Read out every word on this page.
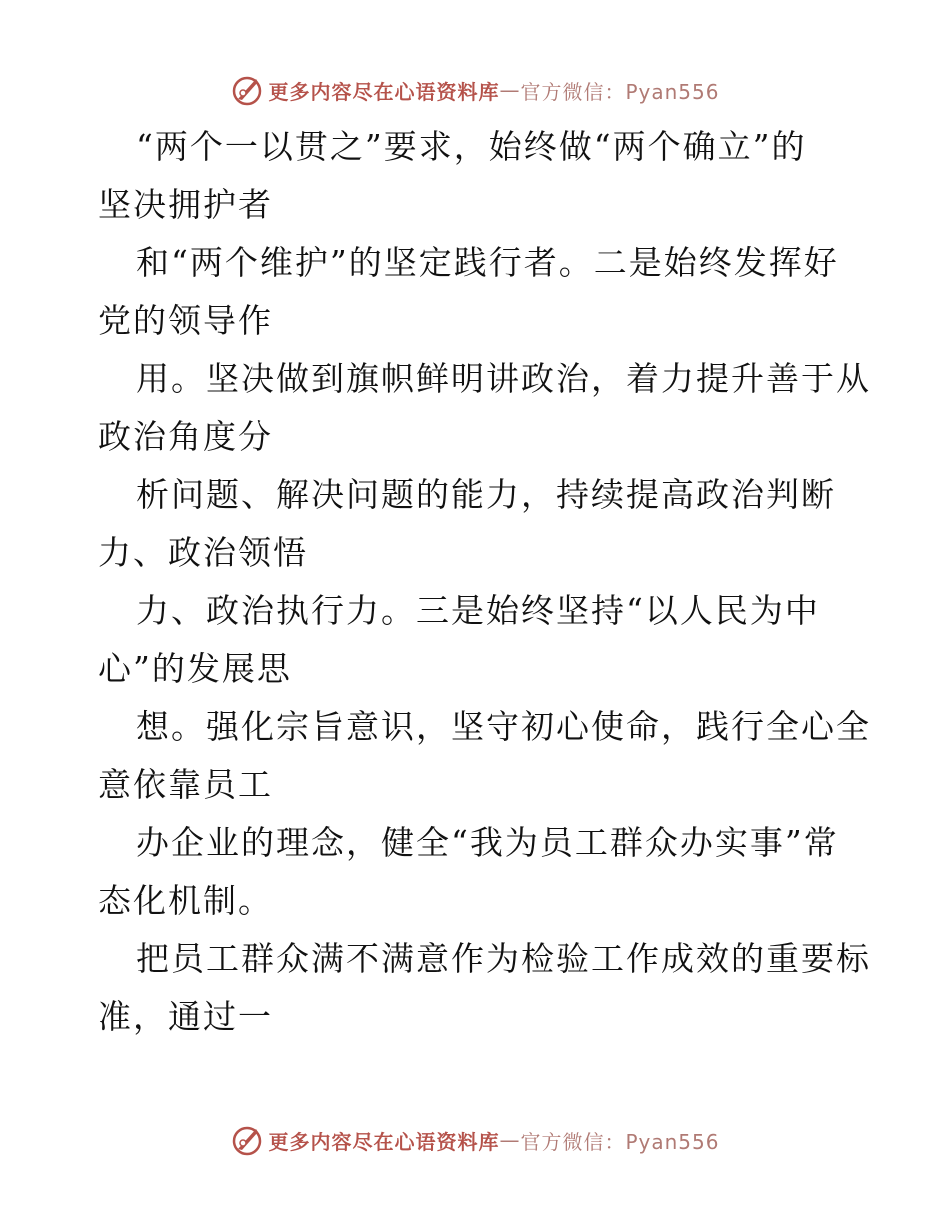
更多内容尽在心语资料库 — 官方微信：Pyan556
“两个一以贯之”要求，始终做“两个确立”的
坚决拥护者
和“两个维护”的坚定践行者。二是始终发挥好
党的领导作
用。坚决做到旗帜鲜明讲政治，着力提升善于从
政治角度分
析问题、解决问题的能力，持续提高政治判断
力、政治领悟
力、政治执行力。三是始终坚持“以人民为中
心”的发展思
想。强化宗旨意识，坚守初心使命，践行全心全
意依靠员工
办企业的理念，健全“我为员工群众办实事”常
态化机制。
把员工群众满不满意作为检验工作成效的重要标
准，通过一
更多内容尽在心语资料库 — 官方微信：Pyan556
